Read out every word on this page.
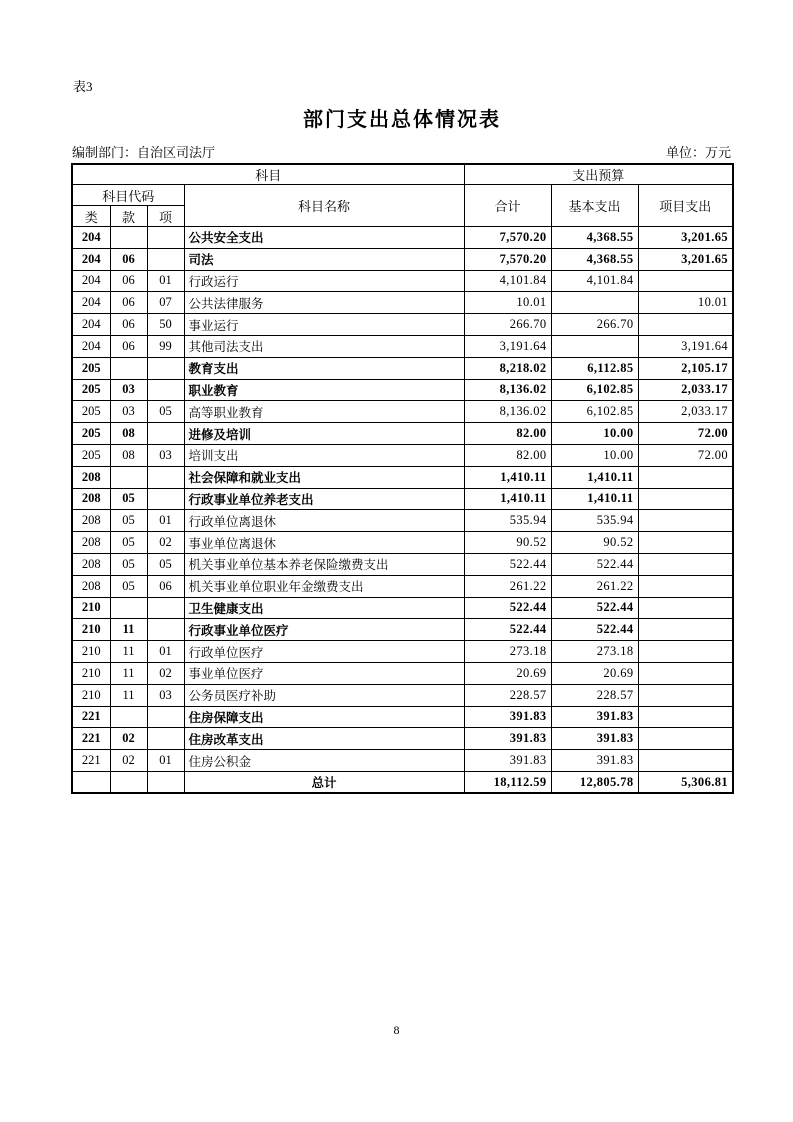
表3
部门支出总体情况表
编制部门：自治区司法厅	单位：万元
科目				支出预算		
科目代码			科目名称	合计	基本支出	项目支出
类	款	项				
204			公共安全支出	7,570.20	4,368.55	3,201.65
204	06		司法	7,570.20	4,368.55	3,201.65
204	06	01	行政运行	4,101.84	4,101.84	
204	06	07	公共法律服务	10.01		10.01
204	06	50	事业运行	266.70	266.70	
204	06	99	其他司法支出	3,191.64		3,191.64
205			教育支出	8,218.02	6,112.85	2,105.17
205	03		职业教育	8,136.02	6,102.85	2,033.17
205	03	05	高等职业教育	8,136.02	6,102.85	2,033.17
205	08		进修及培训	82.00	10.00	72.00
205	08	03	培训支出	82.00	10.00	72.00
208			社会保障和就业支出	1,410.11	1,410.11	
208	05		行政事业单位养老支出	1,410.11	1,410.11	
208	05	01	行政单位离退休	535.94	535.94	
208	05	02	事业单位离退休	90.52	90.52	
208	05	05	机关事业单位基本养老保险缴费支出	522.44	522.44	
208	05	06	机关事业单位职业年金缴费支出	261.22	261.22	
210			卫生健康支出	522.44	522.44	
210	11		行政事业单位医疗	522.44	522.44	
210	11	01	行政单位医疗	273.18	273.18	
210	11	02	事业单位医疗	20.69	20.69	
210	11	03	公务员医疗补助	228.57	228.57	
221			住房保障支出	391.83	391.83	
221	02		住房改革支出	391.83	391.83	
221	02	01	住房公积金	391.83	391.83	
			总计	18,112.59	12,805.78	5,306.81
8
